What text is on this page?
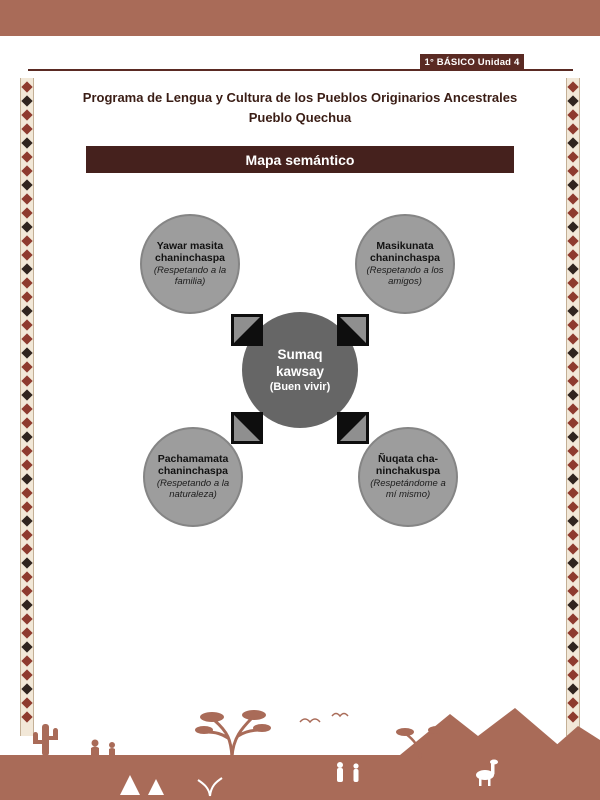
1° BÁSICO Unidad 4
Programa de Lengua y Cultura de los Pueblos Originarios Ancestrales
Pueblo Quechua
Mapa semántico
Yawar masita chaninchaspa
(Respetando a la familia)
Masikunata chaninchaspa
(Respetando a los amigos)
Pachamamata chaninchaspa
(Respetando a la naturaleza)
Ñuqata cha-ninchakuspa
(Respetándome a mí mismo)
Sumaq kawsay
(Buen vivir)
